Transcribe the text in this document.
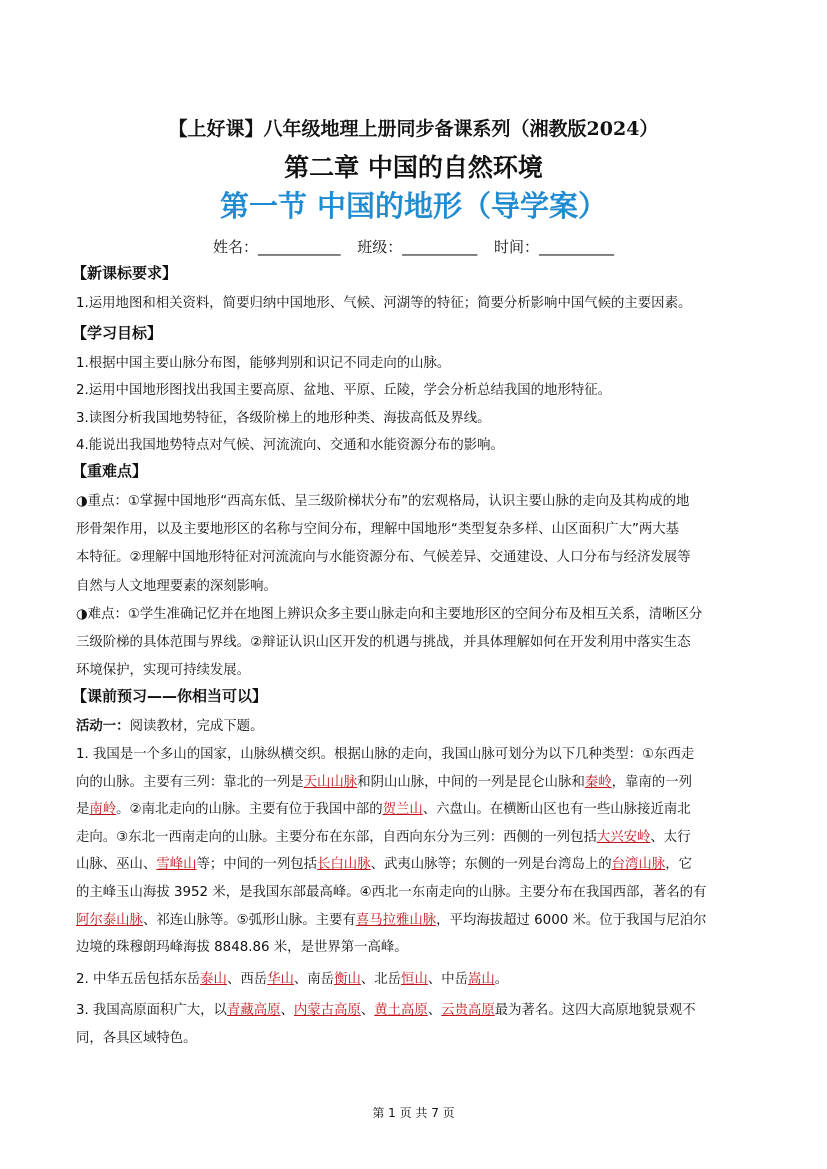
【上好课】八年级地理上册同步备课系列（湘教版2024）
第二章 中国的自然环境
第一节 中国的地形（导学案）
姓名：___________ 班级：__________ 时间：__________
【新课标要求】

1.运用地图和相关资料，简要归纳中国地形、气候、河湖等的特征；简要分析影响中国气候的主要因素。

【学习目标】

1.根据中国主要山脉分布图，能够判别和识记不同走向的山脉。

2.运用中国地形图找出我国主要高原、盆地、平原、丘陵，学会分析总结我国的地形特征。

3.读图分析我国地势特征，各级阶梯上的地形种类、海拔高低及界线。

4.能说出我国地势特点对气候、河流流向、交通和水能资源分布的影响。

【重难点】

◑重点：①掌握中国地形“西高东低、呈三级阶梯状分布”的宏观格局，认识主要山脉的走向及其构成的地

形骨架作用，以及主要地形区的名称与空间分布，理解中国地形“类型复杂多样、山区面积广大”两大基

本特征。②理解中国地形特征对河流流向与水能资源分布、气候差异、交通建设、人口分布与经济发展等

自然与人文地理要素的深刻影响。

◑难点：①学生准确记忆并在地图上辨识众多主要山脉走向和主要地形区的空间分布及相互关系，清晰区分

三级阶梯的具体范围与界线。②辩证认识山区开发的机遇与挑战，并具体理解如何在开发利用中落实生态

环境保护，实现可持续发展。

【课前预习——你相当可以】

活动一：阅读教材，完成下题。

1. 我国是一个多山的国家，山脉纵横交织。根据山脉的走向，我国山脉可划分为以下几种类型：①东西走

向的山脉。主要有三列：靠北的一列是天山山脉和阴山山脉，中间的一列是昆仑山脉和秦岭，靠南的一列

是南岭。②南北走向的山脉。主要有位于我国中部的贺兰山、六盘山。在横断山区也有一些山脉接近南北

走向。③东北一西南走向的山脉。主要分布在东部，自西向东分为三列：西侧的一列包括大兴安岭、太行

山脉、巫山、雪峰山等；中间的一列包括长白山脉、武夷山脉等；东侧的一列是台湾岛上的台湾山脉，它

的主峰玉山海拔 3952 米，是我国东部最高峰。④西北一东南走向的山脉。主要分布在我国西部，著名的有

阿尔泰山脉、祁连山脉等。⑤弧形山脉。主要有喜马拉雅山脉，平均海拔超过 6000 米。位于我国与尼泊尔

边境的珠穆朗玛峰海拔 8848.86 米，是世界第一高峰。

2. 中华五岳包括东岳泰山、西岳华山、南岳衡山、北岳恒山、中岳嵩山。

3. 我国高原面积广大，以青藏高原、内蒙古高原、黄土高原、云贵高原最为著名。这四大高原地貌景观不

同，各具区域特色。

第 1 页 共 7 页
